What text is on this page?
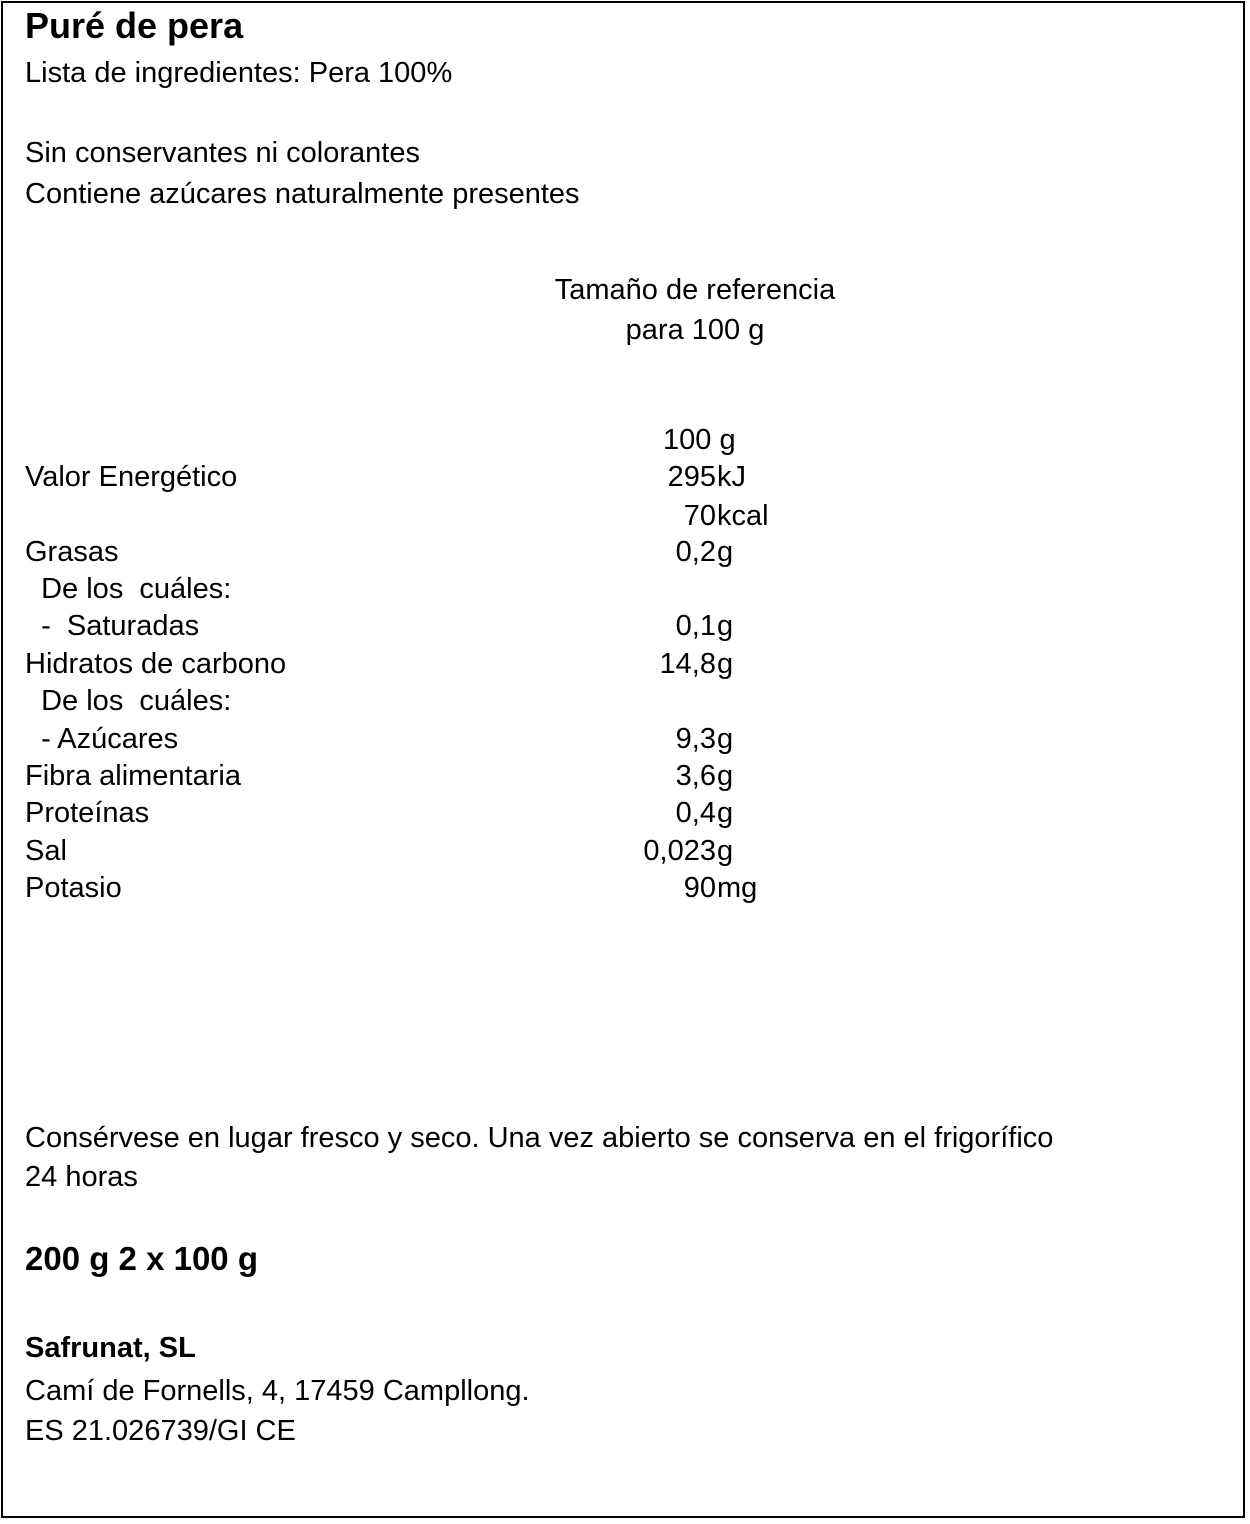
Puré de pera
Lista de ingredientes: Pera 100%
Sin conservantes ni colorantes
Contiene azúcares naturalmente presentes
Tamaño de referencia
para 100 g
100 g
Valor Energético	295 kJ
70 kcal
Grasas	0,2 g
De los  cuáles:
-  Saturadas	0,1 g
Hidratos de carbono	14,8 g
De los  cuáles:
- Azúcares	9,3 g
Fibra alimentaria	3,6 g
Proteínas	0,4 g
Sal	0,023 g
Potasio	90 mg
Consérvese en lugar fresco y seco. Una vez abierto se conserva en el frigorífico
24 horas
200 g 2 x 100 g
Safrunat, SL
Camí de Fornells, 4, 17459 Campllong.
ES 21.026739/GI CE
